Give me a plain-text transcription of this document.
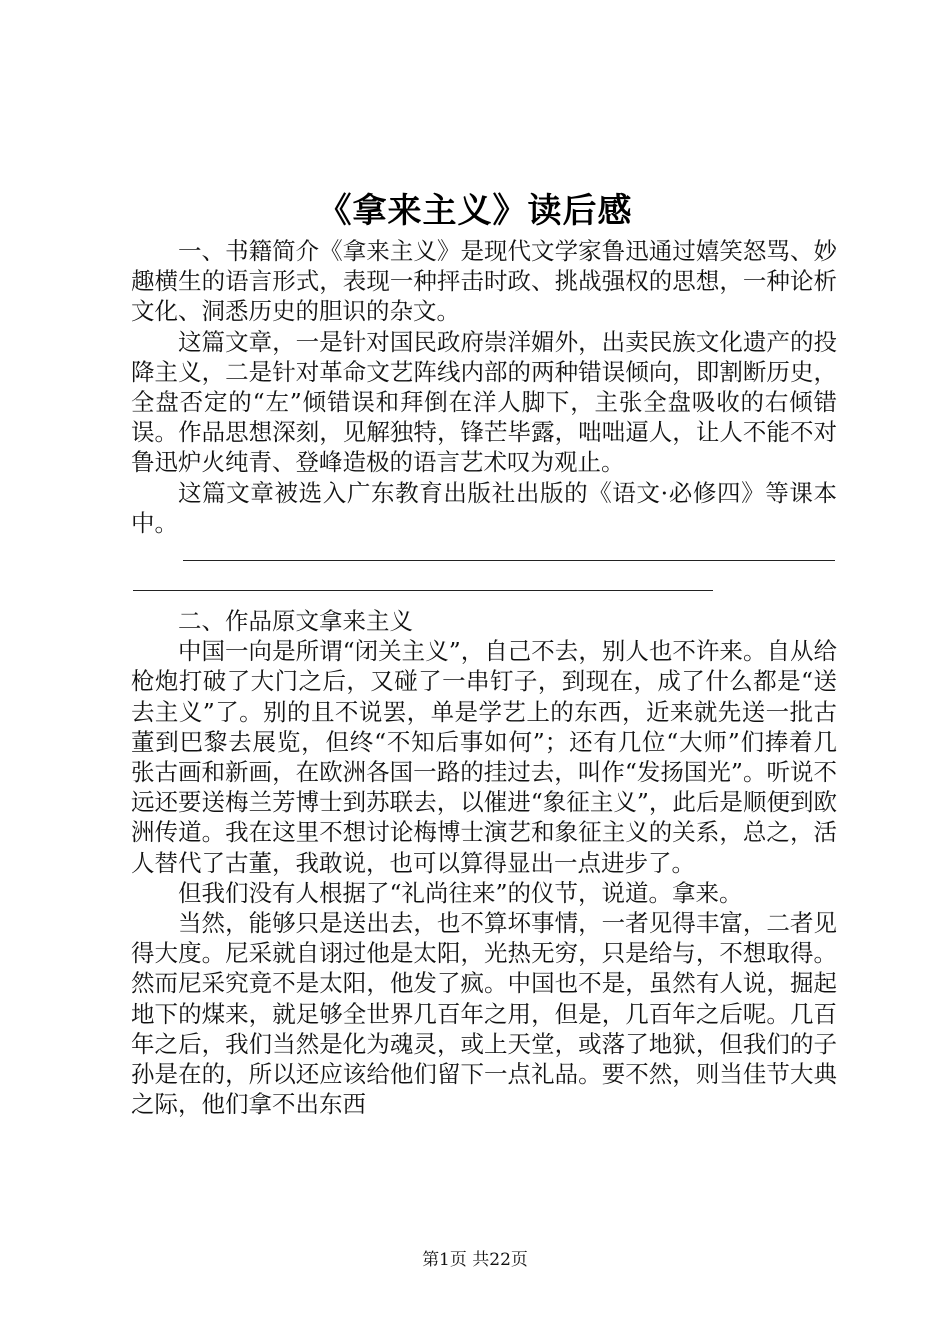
《拿来主义》读后感

一、书籍简介《拿来主义》是现代文学家鲁迅通过嬉笑怒骂、妙趣横生的语言形式，表现一种抨击时政、挑战强权的思想，一种论析文化、洞悉历史的胆识的杂文。

这篇文章，一是针对国民政府崇洋媚外，出卖民族文化遗产的投降主义，二是针对革命文艺阵线内部的两种错误倾向，即割断历史，全盘否定的“左”倾错误和拜倒在洋人脚下，主张全盘吸收的右倾错误。作品思想深刻，见解独特，锋芒毕露，咄咄逼人，让人不能不对鲁迅炉火纯青、登峰造极的语言艺术叹为观止。

这篇文章被选入广东教育出版社出版的《语文·必修四》等课本中。

二、作品原文拿来主义

中国一向是所谓“闭关主义”，自己不去，别人也不许来。自从给枪炮打破了大门之后，又碰了一串钉子，到现在，成了什么都是“送去主义”了。别的且不说罢，单是学艺上的东西，近来就先送一批古董到巴黎去展览，但终“不知后事如何”；还有几位“大师”们捧着几张古画和新画，在欧洲各国一路的挂过去，叫作“发扬国光”。听说不远还要送梅兰芳博士到苏联去，以催进“象征主义”，此后是顺便到欧洲传道。我在这里不想讨论梅博士演艺和象征主义的关系，总之，活人替代了古董，我敢说，也可以算得显出一点进步了。

但我们没有人根据了“礼尚往来”的仪节，说道。拿来。

当然，能够只是送出去，也不算坏事情，一者见得丰富，二者见得大度。尼采就自诩过他是太阳，光热无穷，只是给与，不想取得。然而尼采究竟不是太阳，他发了疯。中国也不是，虽然有人说，掘起地下的煤来，就足够全世界几百年之用，但是，几百年之后呢。几百年之后，我们当然是化为魂灵，或上天堂，或落了地狱，但我们的子孙是在的，所以还应该给他们留下一点礼品。要不然，则当佳节大典之际，他们拿不出东西

第1页 共22页
